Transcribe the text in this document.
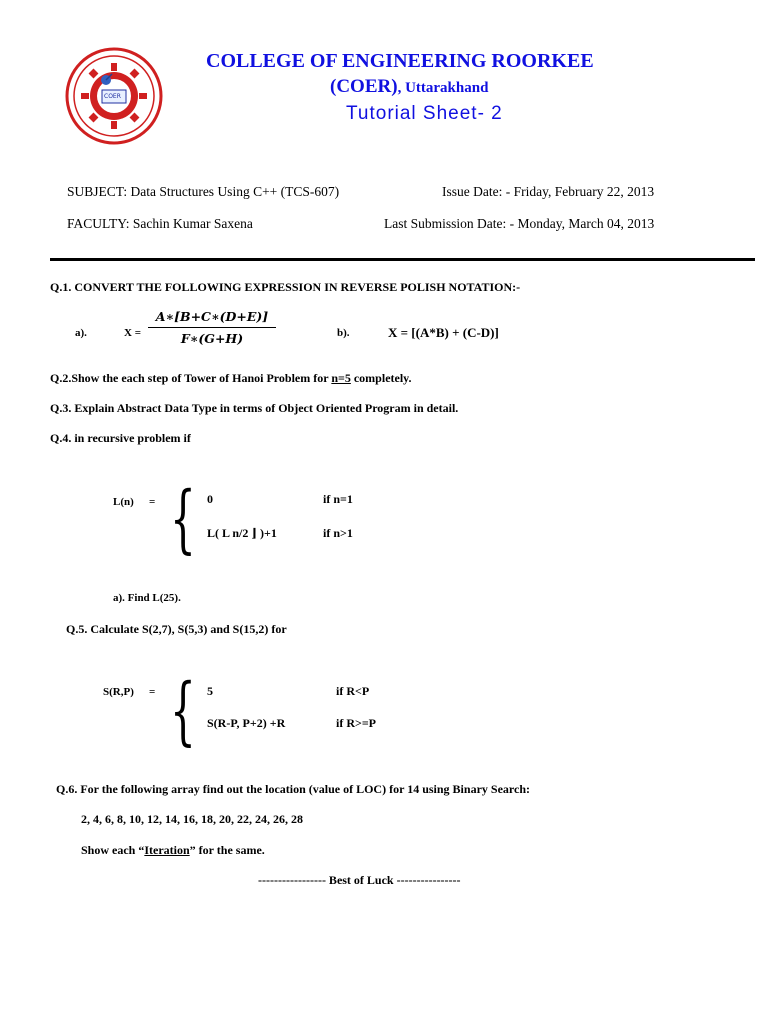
COER
COLLEGE OF ENGINEERING ROORKEE
(COER), Uttarakhand
Tutorial Sheet- 2
SUBJECT: Data Structures Using C++ (TCS-607)	Issue Date: - Friday, February 22, 2013
FACULTY: Sachin Kumar Saxena	Last Submission Date: - Monday, March 04, 2013
Q.1. CONVERT THE FOLLOWING EXPRESSION IN REVERSE POLISH NOTATION:-
a).	X =
A∗[B+C∗(D+E)]
F∗(G+H)	b).	X = [(A*B) + (C-D)]
Q.2.Show the each step of Tower of Hanoi Problem for n=5 completely.
Q.3. Explain Abstract Data Type in terms of Object Oriented Program in detail.
Q.4. in recursive problem if
L(n) = { 0	if n=1
L( L n/2 ⌋ )+1	if n>1
a). Find L(25).
Q.5. Calculate S(2,7), S(5,3) and S(15,2) for
S(R,P) = { 5	if R<P
S(R-P, P+2) +R	if R>=P
Q.6. For the following array find out the location (value of LOC) for 14 using Binary Search:
2, 4, 6, 8, 10, 12, 14, 16, 18, 20, 22, 24, 26, 28
Show each “Iteration” for the same.
----------------- Best of Luck ----------------
